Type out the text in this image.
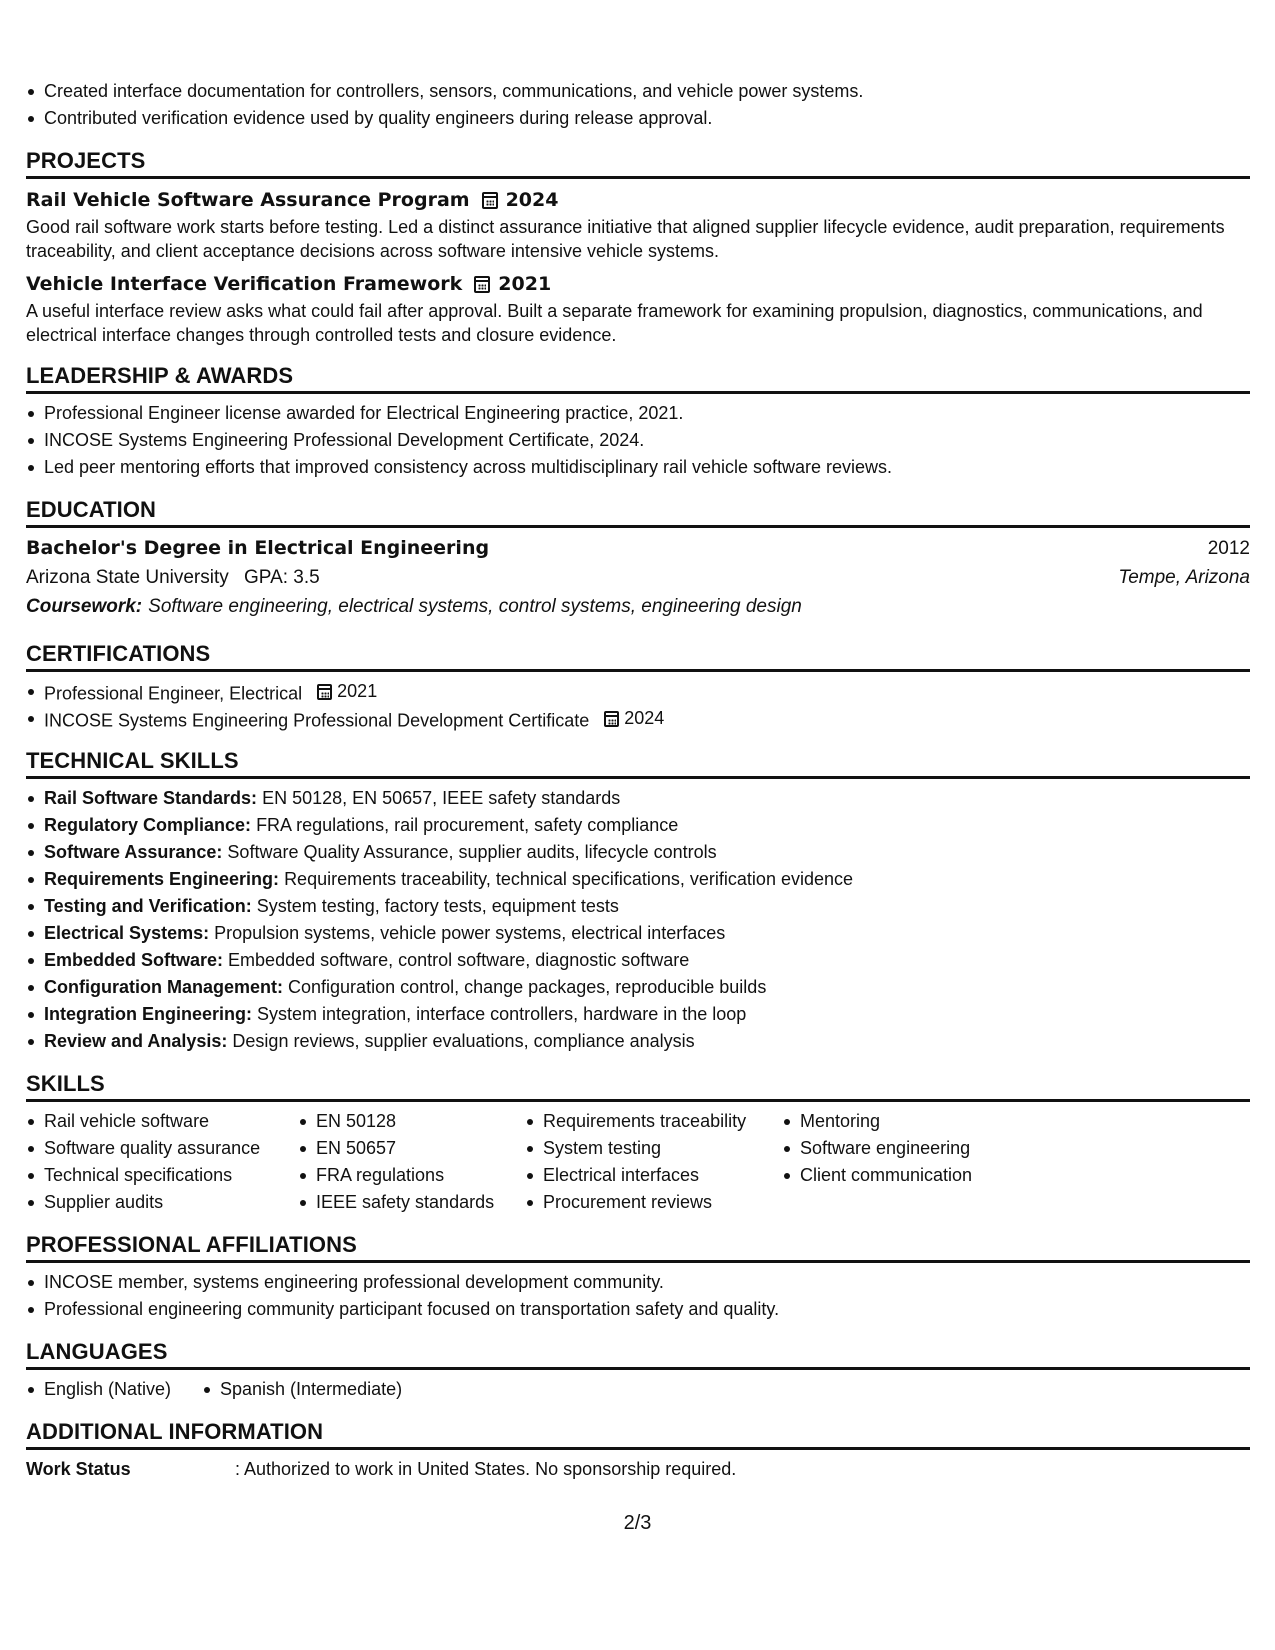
Created interface documentation for controllers, sensors, communications, and vehicle power systems.
Contributed verification evidence used by quality engineers during release approval.
PROJECTS
Rail Vehicle Software Assurance Program 2024
Good rail software work starts before testing. Led a distinct assurance initiative that aligned supplier lifecycle evidence, audit preparation, requirements traceability, and client acceptance decisions across software intensive vehicle systems.
Vehicle Interface Verification Framework 2021
A useful interface review asks what could fail after approval. Built a separate framework for examining propulsion, diagnostics, communications, and electrical interface changes through controlled tests and closure evidence.
LEADERSHIP & AWARDS
Professional Engineer license awarded for Electrical Engineering practice, 2021.
INCOSE Systems Engineering Professional Development Certificate, 2024.
Led peer mentoring efforts that improved consistency across multidisciplinary rail vehicle software reviews.
EDUCATION
Bachelor's Degree in Electrical Engineering	2012
Arizona State University GPA: 3.5	Tempe, Arizona
Coursework: Software engineering, electrical systems, control systems, engineering design
CERTIFICATIONS
Professional Engineer, Electrical 2021
INCOSE Systems Engineering Professional Development Certificate 2024
TECHNICAL SKILLS
Rail Software Standards: EN 50128, EN 50657, IEEE safety standards
Regulatory Compliance: FRA regulations, rail procurement, safety compliance
Software Assurance: Software Quality Assurance, supplier audits, lifecycle controls
Requirements Engineering: Requirements traceability, technical specifications, verification evidence
Testing and Verification: System testing, factory tests, equipment tests
Electrical Systems: Propulsion systems, vehicle power systems, electrical interfaces
Embedded Software: Embedded software, control software, diagnostic software
Configuration Management: Configuration control, change packages, reproducible builds
Integration Engineering: System integration, interface controllers, hardware in the loop
Review and Analysis: Design reviews, supplier evaluations, compliance analysis
SKILLS
Rail vehicle software
Software quality assurance
Technical specifications
Supplier audits
EN 50128
EN 50657
FRA regulations
IEEE safety standards
Requirements traceability
System testing
Electrical interfaces
Procurement reviews
Mentoring
Software engineering
Client communication
PROFESSIONAL AFFILIATIONS
INCOSE member, systems engineering professional development community.
Professional engineering community participant focused on transportation safety and quality.
LANGUAGES
English (Native)	Spanish (Intermediate)
ADDITIONAL INFORMATION
Work Status	: Authorized to work in United States. No sponsorship required.
2/3
